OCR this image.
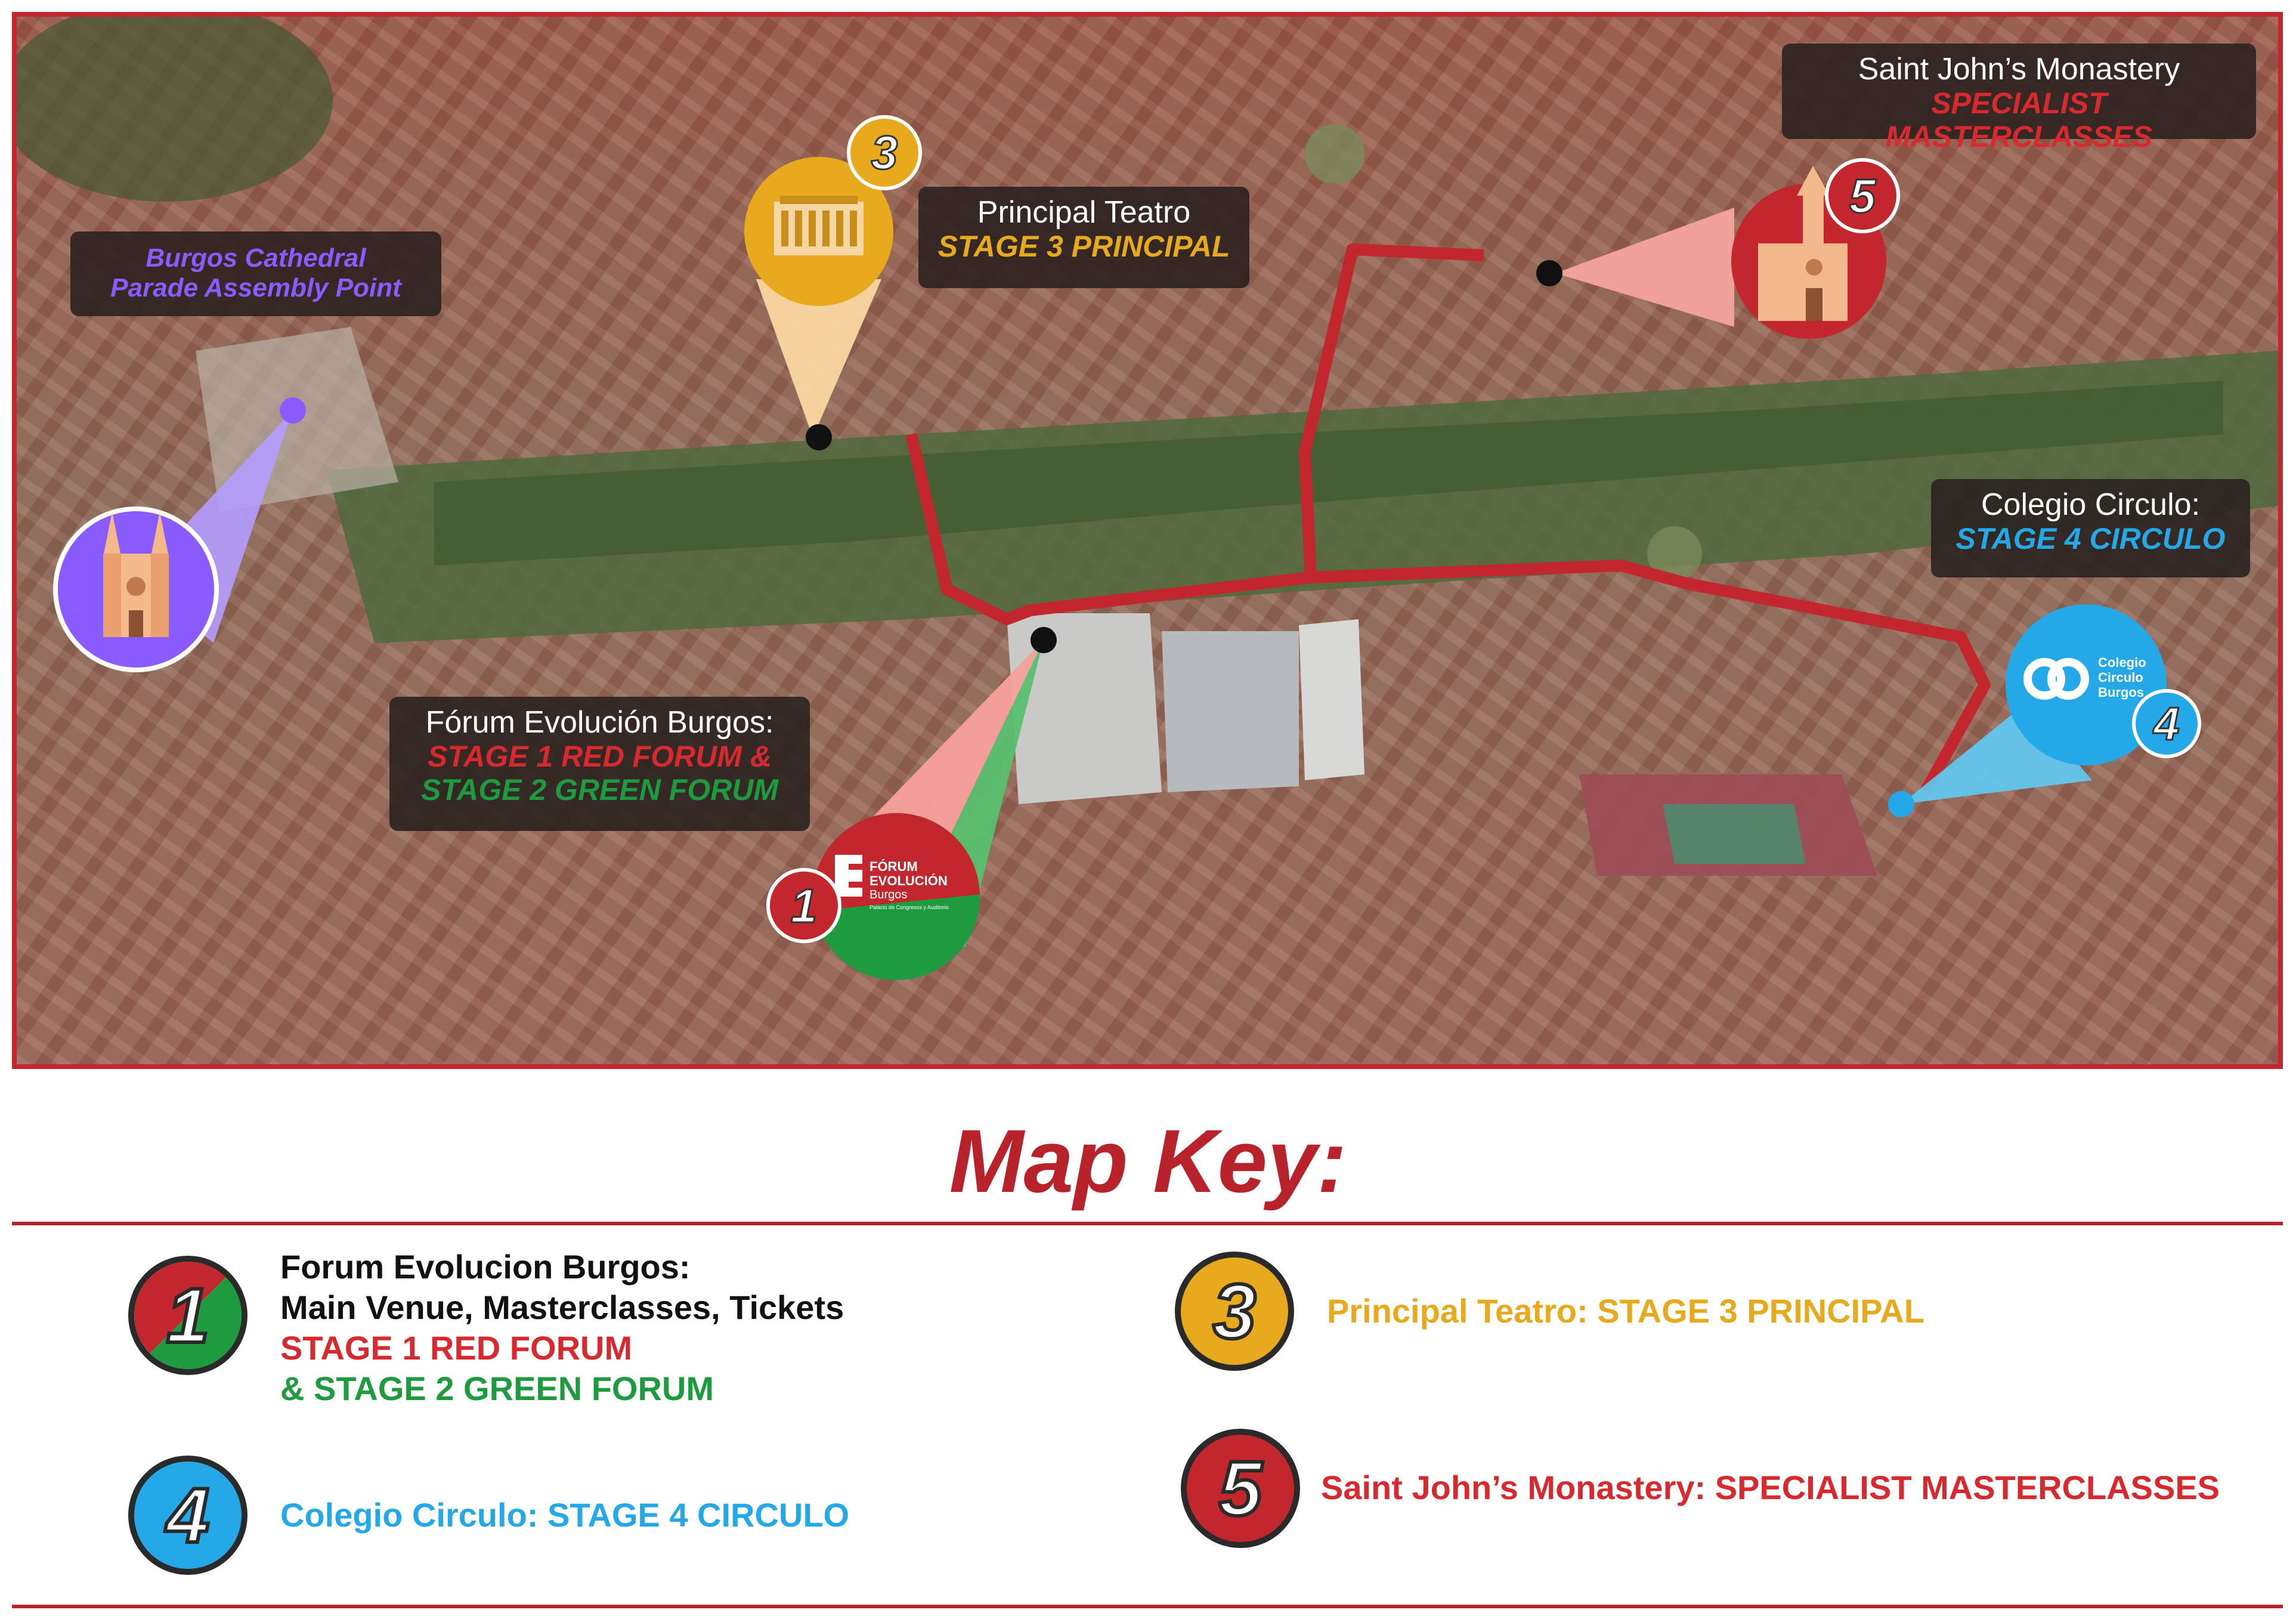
3
5
Colegio
Circulo
Burgos
4
FÓRUM
EVOLUCIÓN
Burgos
Palacio de Congresos y Auditorio
1
Burgos Cathedral
Parade Assembly Point
Principal Teatro
STAGE 3 PRINCIPAL
Saint John’s Monastery
SPECIALIST MASTERCLASSES
Colegio Circulo:
STAGE 4 CIRCULO
Fórum Evolución Burgos:
STAGE 1 RED FORUM &
STAGE 2 GREEN FORUM
Map Key:
1
Forum Evolucion Burgos:
Main Venue, Masterclasses, Tickets
STAGE 1 RED FORUM
& STAGE 2 GREEN FORUM
3	Principal Teatro: STAGE 3 PRINCIPAL
4	Colegio Circulo: STAGE 4 CIRCULO	5	Saint John’s Monastery: SPECIALIST MASTERCLASSES
